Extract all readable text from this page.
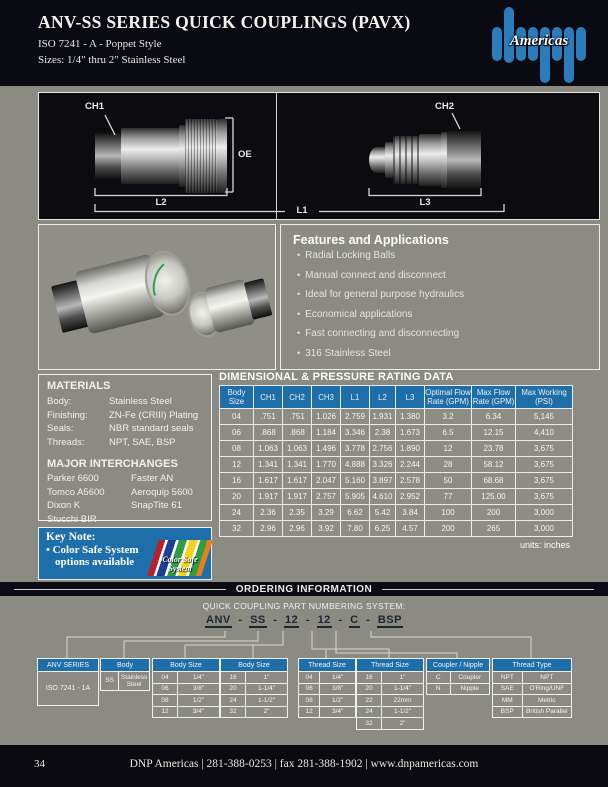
ANV-SS SERIES QUICK COUPLINGS (PAVX)
ISO 7241 - A - Poppet Style
Sizes: 1/4" thru 2" Stainless Steel
Americas
CH1
OE
L2
CH2
L3
L1
Features and Applications
• Radial Locking Balls
• Manual connect and disconnect
• Ideal for general purpose hydraulics
• Economical applications
• Fast connecting and disconnecting
• 316 Stainless Steel
MATERIALS
Body:	Stainless Steel
Finishing:	ZN-Fe (CRIII) Plating
Seals:	NBR standard seals
Threads:	NPT, SAE, BSP
MAJOR INTERCHANGES
Parker 6600	Faster AN
Tomco A5600	Aeroquip 5600
Dixon K	SnapTite 61
Stucchi BIR
Key Note:
• Color Safe System
options available	Color Safe
System
DIMENSIONAL & PRESSURE RATING DATA
Body Size	CH1	CH2	CH3	L1	L2	L3	Optimal Flow Rate (GPM)	Max Flow Rate (GPM)	Max Working (PSI)
04	.751	.751	1.026	2.759	1.931	1.380	3.2	6.34	5,145
06	.868	.868	1.184	3.346	2.38	1.673	6.5	12.15	4,410
08	1.063	1.063	1.496	3.778	2.756	1.890	12	23.78	3,675
12	1.341	1.341	1.770	4.888	3.326	2.244	28	58.12	3,675
16	1.617	1.617	2.047	5.160	3.897	2.578	50	68.68	3,675
20	1.917	1.917	2.757	5.905	4.610	2.952	77	125.00	3,675
24	2.36	2.35	3.29	6.62	5.42	3.84	100	200	3,000
32	2.96	2.96	3.92	7.80	6.25	4.57	200	265	3,000
units: inches
ORDERING INFORMATION
QUICK COUPLING PART NUMBERING SYSTEM:
ANV - SS - 12 - 12 - C - BSP
ANV SERIES
ISO 7241 - 1A
Body
SS
Stainless Steel
Body Size
04	1/4"
06	3/8"
08	1/2"
12	3/4"
Body Size
16	1"
20	1-1/4"
24	1-1/2"
32	2"
Thread Size
04	1/4"
06	3/8"
08	1/2"
12	3/4"
Thread Size
16	1"
20	1-1/4"
22	22mm
24	1-1/2"
32	2"
Coupler / Nipple
C	Coupler
N	Nipple
Thread Type
NPT	NPT
SAE	O'Ring/UNF
MM	Metric
BSP	British Parallel
34	DNP Americas | 281-388-0253 | fax 281-388-1902 | www.dnpamericas.com
